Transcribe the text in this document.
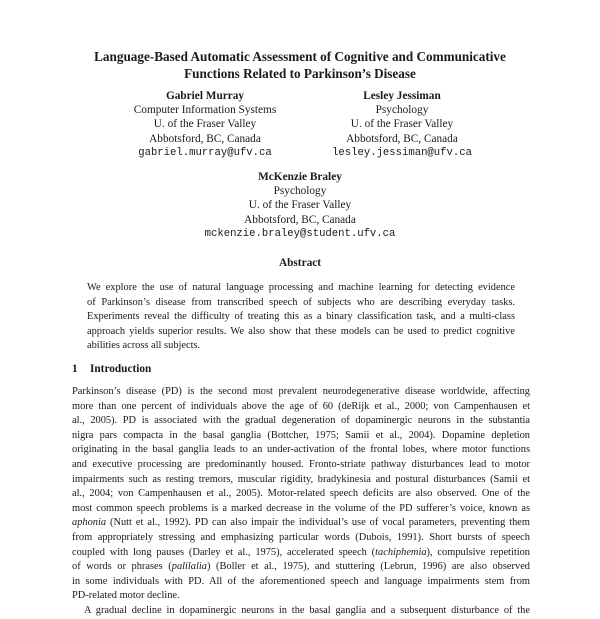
Language-Based Automatic Assessment of Cognitive and Communicative
Functions Related to Parkinson’s Disease
Gabriel Murray
Computer Information Systems
U. of the Fraser Valley
Abbotsford, BC, Canada
gabriel.murray@ufv.ca
Lesley Jessiman
Psychology
U. of the Fraser Valley
Abbotsford, BC, Canada
lesley.jessiman@ufv.ca
McKenzie Braley
Psychology
U. of the Fraser Valley
Abbotsford, BC, Canada
mckenzie.braley@student.ufv.ca
Abstract
We explore the use of natural language processing and machine learning for detecting evidence
of Parkinson’s disease from transcribed speech of subjects who are describing everyday tasks.
Experiments reveal the difficulty of treating this as a binary classification task, and a multi-class
approach yields superior results. We also show that these models can be used to predict cognitive
abilities across all subjects.
1 Introduction

Parkinson’s disease (PD) is the second most prevalent neurodegenerative disease worldwide, affecting
more than one percent of individuals above the age of 60 (deRijk et al., 2000; von Campenhausen et
al., 2005). PD is associated with the gradual degeneration of dopaminergic neurons in the substantia
nigra pars compacta in the basal ganglia (Bottcher, 1975; Samii et al., 2004). Dopamine depletion
originating in the basal ganglia leads to an under-activation of the frontal lobes, where motor functions
and executive processing are predominantly housed. Fronto-striate pathway disturbances lead to motor
impairments such as resting tremors, muscular rigidity, bradykinesia and postural disturbances (Samii et
al., 2004; von Campenhausen et al., 2005). Motor-related speech deficits are also observed. One of the
most common speech problems is a marked decrease in the volume of the PD sufferer’s voice, known as
aphonia (Nutt et al., 1992). PD can also impair the individual’s use of vocal parameters, preventing them
from appropriately stressing and emphasizing particular words (Dubois, 1991). Short bursts of speech
coupled with long pauses (Darley et al., 1975), accelerated speech (tachiphemia), compulsive repetition
of words or phrases (palilalia) (Boller et al., 1975), and stuttering (Lebrun, 1996) are also observed
in some individuals with PD. All of the aforementioned speech and language impairments stem from
PD-related motor decline.

A gradual decline in dopaminergic neurons in the basal ganglia and a subsequent disturbance of the
